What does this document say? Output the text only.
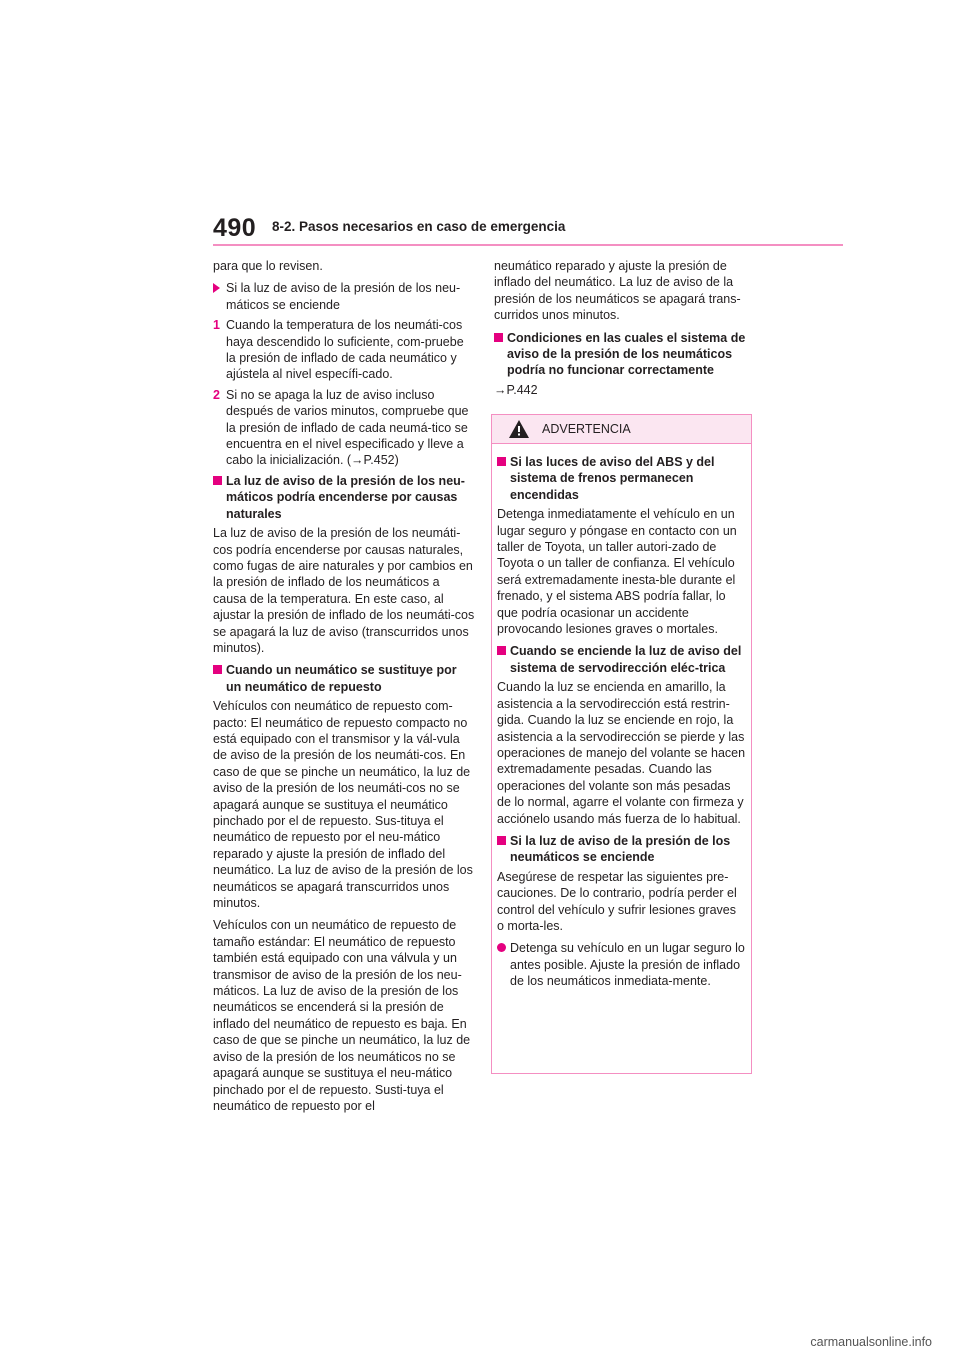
490 8-2. Pasos necesarios en caso de emergencia

para que lo revisen.

Si la luz de aviso de la presión de los neu-máticos se enciende
1 Cuando la temperatura de los neumáti-cos haya descendido lo suficiente, com-pruebe la presión de inflado de cada neumático y ajústela al nivel específi-cado.
2 Si no se apaga la luz de aviso incluso después de varios minutos, compruebe que la presión de inflado de cada neumá-tico se encuentra en el nivel especificado y lleve a cabo la inicialización. (→P.452)
La luz de aviso de la presión de los neu-máticos podría encenderse por causas naturales

La luz de aviso de la presión de los neumáti-cos podría encenderse por causas naturales, como fugas de aire naturales y por cambios en la presión de inflado de los neumáticos a causa de la temperatura. En este caso, al ajustar la presión de inflado de los neumáti-cos se apagará la luz de aviso (transcurridos unos minutos).

Cuando un neumático se sustituye por un neumático de repuesto

Vehículos con neumático de repuesto com-pacto: El neumático de repuesto compacto no está equipado con el transmisor y la vál-vula de aviso de la presión de los neumáti-cos. En caso de que se pinche un neumático, la luz de aviso de la presión de los neumáti-cos no se apagará aunque se sustituya el neumático pinchado por el de repuesto. Sus-tituya el neumático de repuesto por el neu-mático reparado y ajuste la presión de inflado del neumático. La luz de aviso de la presión de los neumáticos se apagará transcurridos unos minutos.

Vehículos con un neumático de repuesto de tamaño estándar: El neumático de repuesto también está equipado con una válvula y un transmisor de aviso de la presión de los neu-máticos. La luz de aviso de la presión de los neumáticos se encenderá si la presión de inflado del neumático de repuesto es baja. En caso de que se pinche un neumático, la luz de aviso de la presión de los neumáticos no se apagará aunque se sustituya el neu-mático pinchado por el de repuesto. Susti-tuya el neumático de repuesto por el

neumático reparado y ajuste la presión de inflado del neumático. La luz de aviso de la presión de los neumáticos se apagará trans-curridos unos minutos.

Condiciones en las cuales el sistema de aviso de la presión de los neumáticos podría no funcionar correctamente

→P.442

ADVERTENCIA
Si las luces de aviso del ABS y del sistema de frenos permanecen encendidas

Detenga inmediatamente el vehículo en un lugar seguro y póngase en contacto con un taller de Toyota, un taller autori-zado de Toyota o un taller de confianza. El vehículo será extremadamente inesta-ble durante el frenado, y el sistema ABS podría fallar, lo que podría ocasionar un accidente provocando lesiones graves o mortales.

Cuando se enciende la luz de aviso del sistema de servodirección eléc-trica

Cuando la luz se encienda en amarillo, la asistencia a la servodirección está restrin-gida. Cuando la luz se enciende en rojo, la asistencia a la servodirección se pierde y las operaciones de manejo del volante se hacen extremadamente pesadas. Cuando las operaciones del volante son más pesadas de lo normal, agarre el volante con firmeza y acciónelo usando más fuerza de lo habitual.

Si la luz de aviso de la presión de los neumáticos se enciende

Asegúrese de respetar las siguientes pre-cauciones. De lo contrario, podría perder el control del vehículo y sufrir lesiones graves o morta-les.

Detenga su vehículo en un lugar seguro lo antes posible. Ajuste la presión de inflado de los neumáticos inmediata-mente.
carmanualsonline.info
